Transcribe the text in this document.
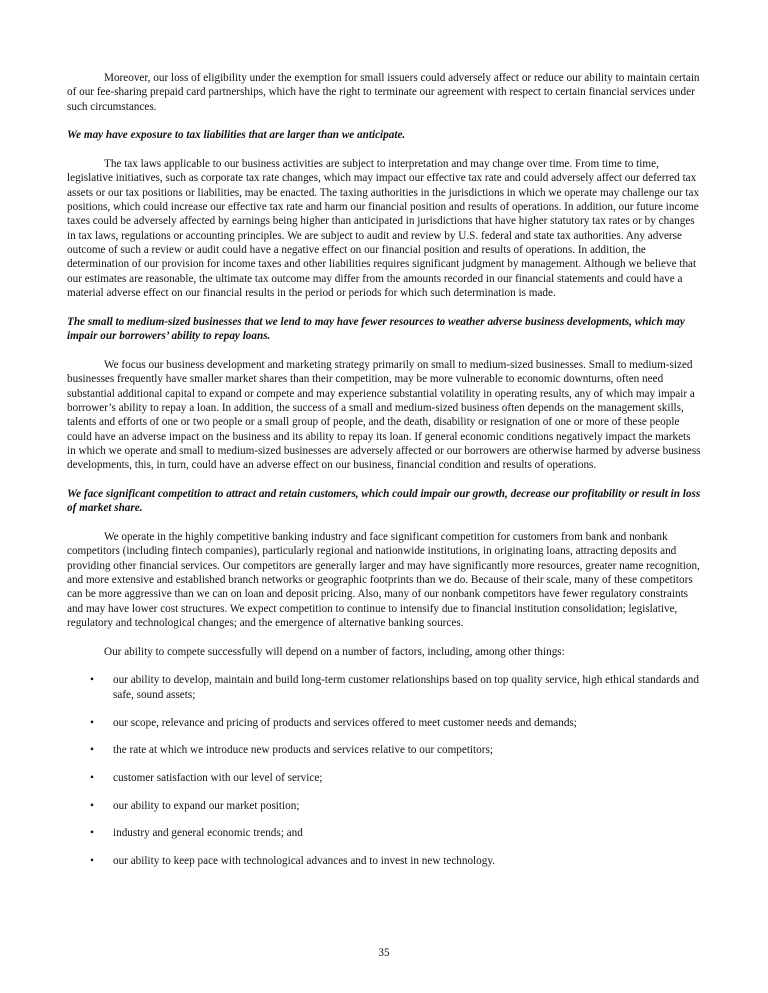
Moreover, our loss of eligibility under the exemption for small issuers could adversely affect or reduce our ability to maintain certain of our fee-sharing prepaid card partnerships, which have the right to terminate our agreement with respect to certain financial services under such circumstances.

We may have exposure to tax liabilities that are larger than we anticipate.

The tax laws applicable to our business activities are subject to interpretation and may change over time. From time to time, legislative initiatives, such as corporate tax rate changes, which may impact our effective tax rate and could adversely affect our deferred tax assets or our tax positions or liabilities, may be enacted. The taxing authorities in the jurisdictions in which we operate may challenge our tax positions, which could increase our effective tax rate and harm our financial position and results of operations. In addition, our future income taxes could be adversely affected by earnings being higher than anticipated in jurisdictions that have higher statutory tax rates or by changes in tax laws, regulations or accounting principles. We are subject to audit and review by U.S. federal and state tax authorities. Any adverse outcome of such a review or audit could have a negative effect on our financial position and results of operations. In addition, the determination of our provision for income taxes and other liabilities requires significant judgment by management. Although we believe that our estimates are reasonable, the ultimate tax outcome may differ from the amounts recorded in our financial statements and could have a material adverse effect on our financial results in the period or periods for which such determination is made.

The small to medium-sized businesses that we lend to may have fewer resources to weather adverse business developments, which may impair our borrowers’ ability to repay loans.

We focus our business development and marketing strategy primarily on small to medium-sized businesses. Small to medium-sized businesses frequently have smaller market shares than their competition, may be more vulnerable to economic downturns, often need substantial additional capital to expand or compete and may experience substantial volatility in operating results, any of which may impair a borrower’s ability to repay a loan. In addition, the success of a small and medium-sized business often depends on the management skills, talents and efforts of one or two people or a small group of people, and the death, disability or resignation of one or more of these people could have an adverse impact on the business and its ability to repay its loan. If general economic conditions negatively impact the markets in which we operate and small to medium-sized businesses are adversely affected or our borrowers are otherwise harmed by adverse business developments, this, in turn, could have an adverse effect on our business, financial condition and results of operations.

We face significant competition to attract and retain customers, which could impair our growth, decrease our profitability or result in loss of market share.

We operate in the highly competitive banking industry and face significant competition for customers from bank and nonbank competitors (including fintech companies), particularly regional and nationwide institutions, in originating loans, attracting deposits and providing other financial services. Our competitors are generally larger and may have significantly more resources, greater name recognition, and more extensive and established branch networks or geographic footprints than we do. Because of their scale, many of these competitors can be more aggressive than we can on loan and deposit pricing. Also, many of our nonbank competitors have fewer regulatory constraints and may have lower cost structures. We expect competition to continue to intensify due to financial institution consolidation; legislative, regulatory and technological changes; and the emergence of alternative banking sources.

Our ability to compete successfully will depend on a number of factors, including, among other things:

• our ability to develop, maintain and build long-term customer relationships based on top quality service, high ethical standards and safe, sound assets;
• our scope, relevance and pricing of products and services offered to meet customer needs and demands;
• the rate at which we introduce new products and services relative to our competitors;
• customer satisfaction with our level of service;
• our ability to expand our market position;
• industry and general economic trends; and
• our ability to keep pace with technological advances and to invest in new technology.
35
